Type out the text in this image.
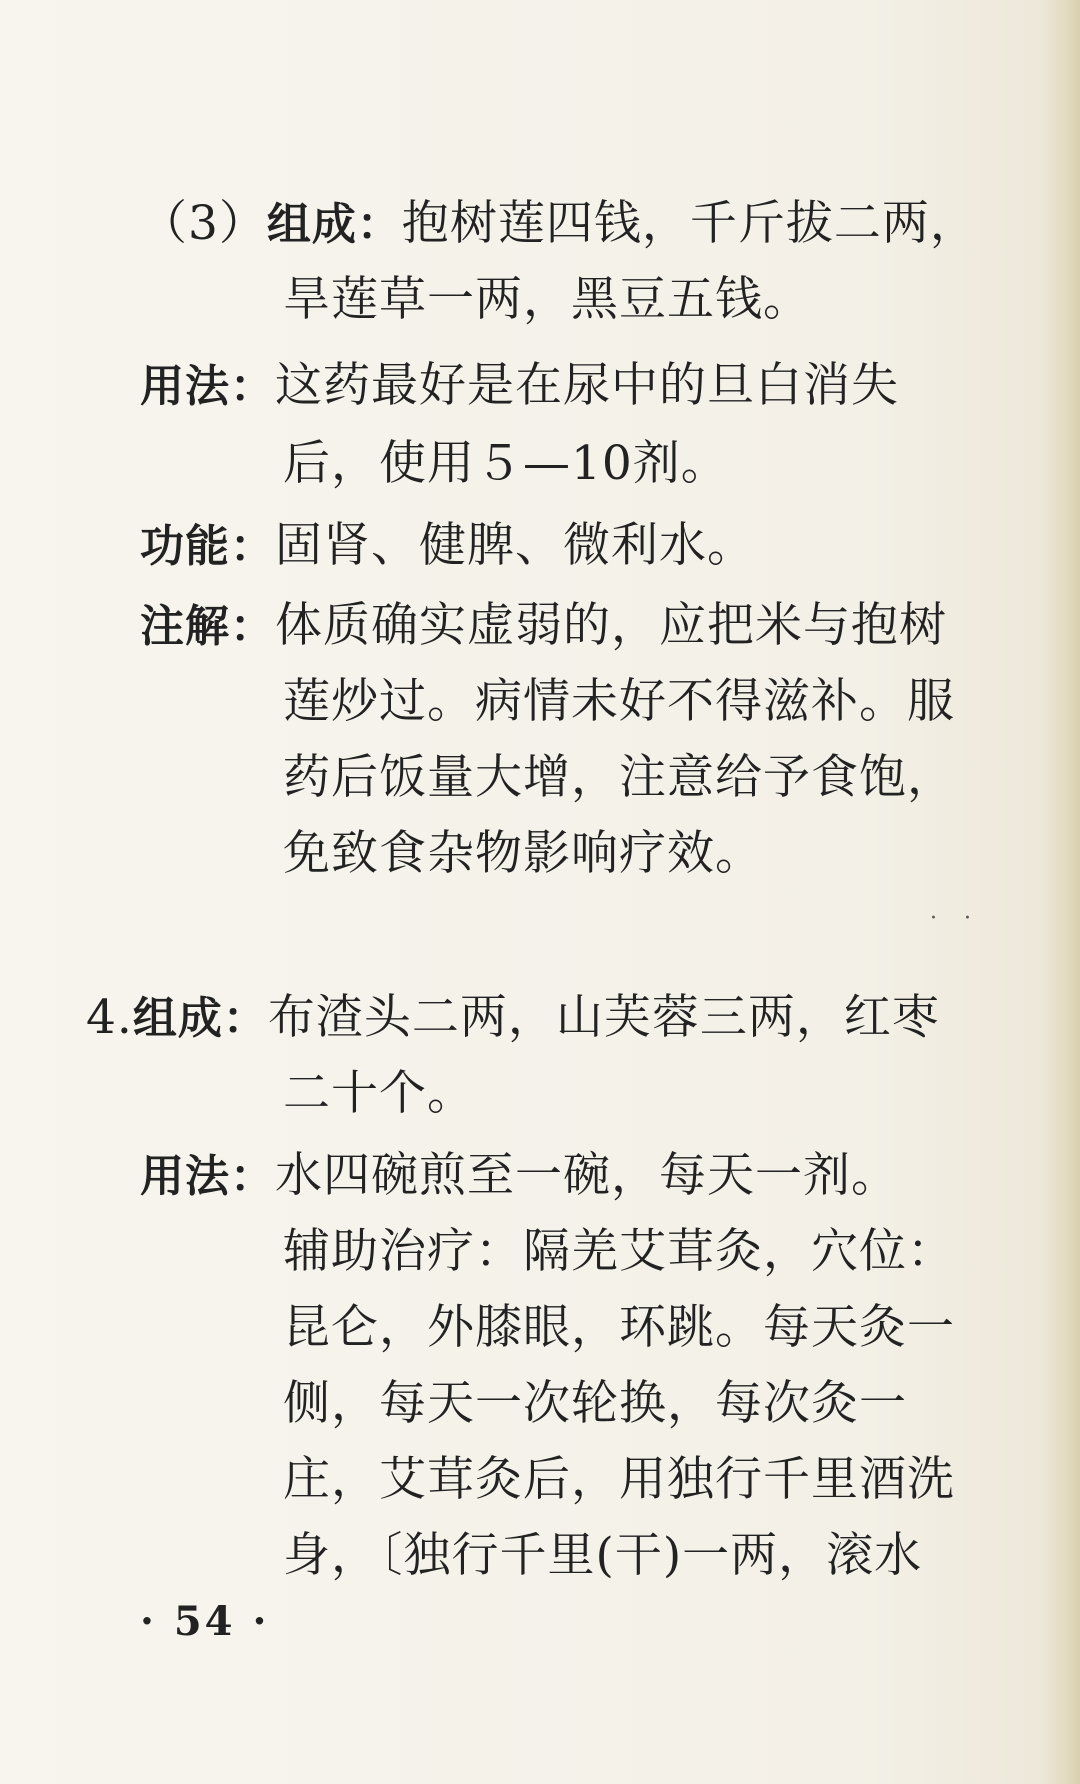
（3）组成：抱树莲四钱，千斤拔二两，
旱莲草一两，黑豆五钱。
用法：这药最好是在尿中的旦白消失
后，使用５—10剂。
功能：固肾、健脾、微利水。
注解：体质确实虚弱的，应把米与抱树
莲炒过。病情未好不得滋补。服
药后饭量大增，注意给予食饱，
免致食杂物影响疗效。
· ·
4.组成：布渣头二两，山芙蓉三两，红枣
二十个。
用法：水四碗煎至一碗，每天一剂。
辅助治疗：隔羌艾茸灸，穴位：
昆仑，外膝眼，环跳。每天灸一
侧，每天一次轮换，每次灸一
庄，艾茸灸后，用独行千里酒洗
身，〔独行千里(干)一两，滚水
· 54 ·
